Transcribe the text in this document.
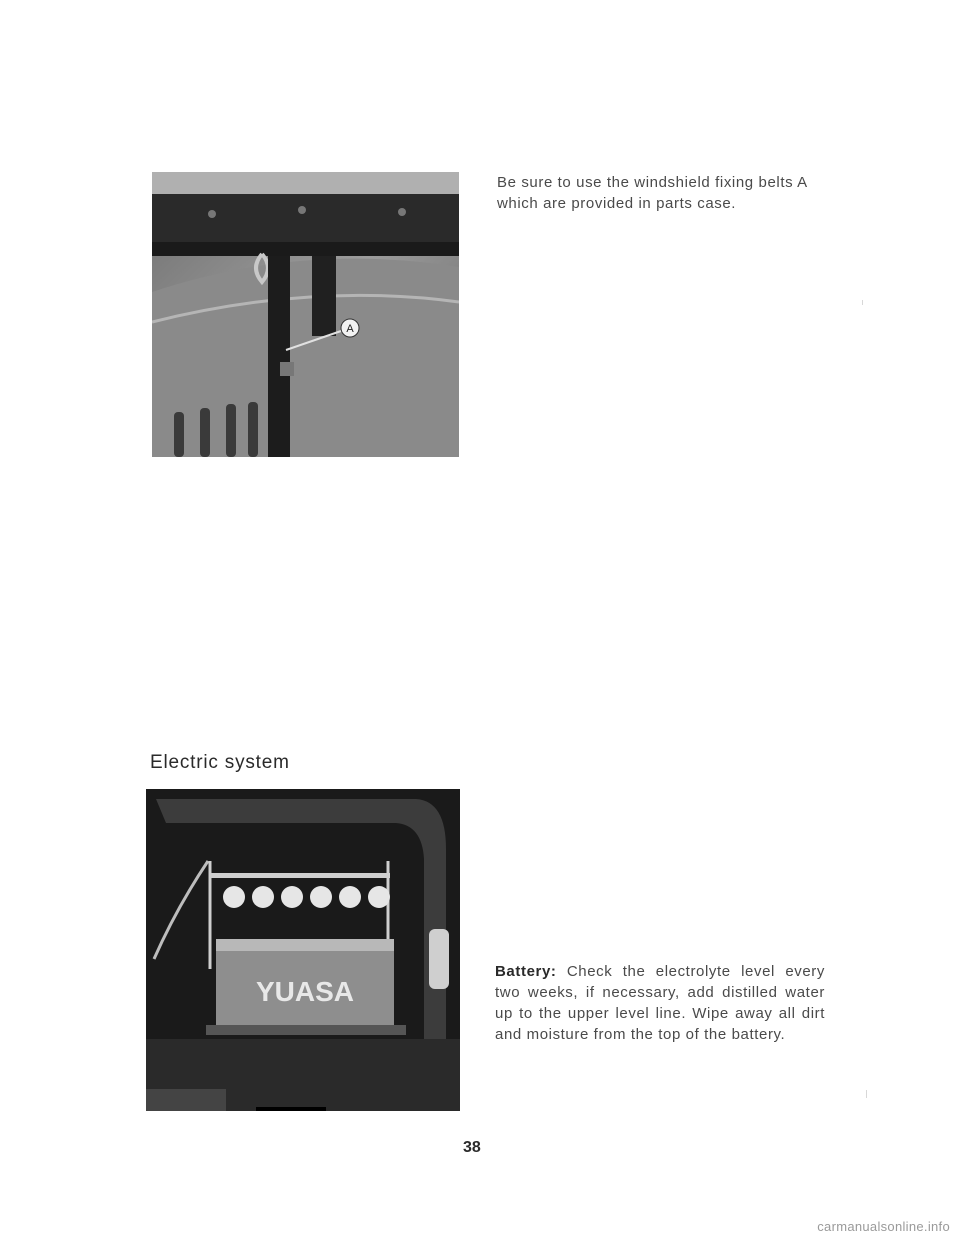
A

Be sure to use the windshield fixing belts A which are provided in parts case.

Electric system
YUASA

Battery: Check the electrolyte level every two weeks, if necessary, add distilled water up to the upper level line. Wipe away all dirt and moisture from the top of the battery.

38
carmanualsonline.info
